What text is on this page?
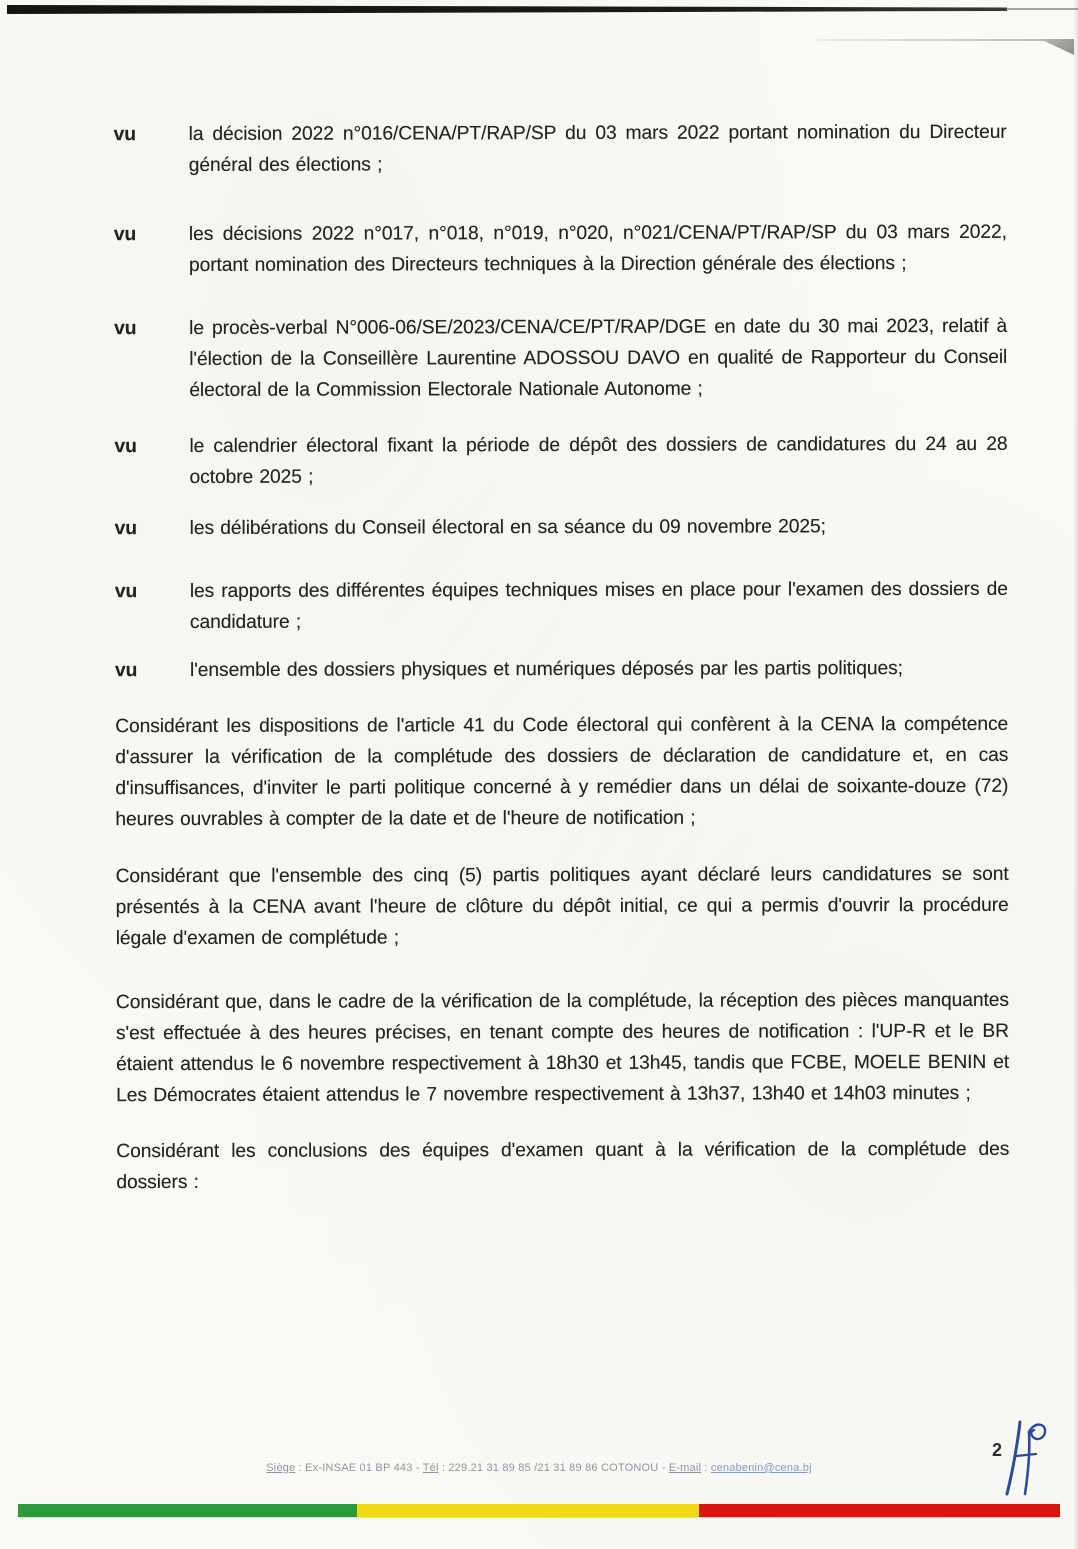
vu	la décision 2022 n°016/CENA/PT/RAP/SP du 03 mars 2022 portant nomination du Directeur général des élections ;

vu	les décisions 2022 n°017, n°018, n°019, n°020, n°021/CENA/PT/RAP/SP du 03 mars 2022, portant nomination des Directeurs techniques à la Direction générale des élections ;

vu	le procès-verbal N°006-06/SE/2023/CENA/CE/PT/RAP/DGE en date du 30 mai 2023, relatif à l'élection de la Conseillère Laurentine ADOSSOU DAVO en qualité de Rapporteur du Conseil électoral de la Commission Electorale Nationale Autonome ;

vu	le calendrier électoral fixant la période de dépôt des dossiers de candidatures du 24 au 28 octobre 2025 ;

vu	les délibérations du Conseil électoral en sa séance du 09 novembre 2025;

vu	les rapports des différentes équipes techniques mises en place pour l'examen des dossiers de candidature ;

vu	l'ensemble des dossiers physiques et numériques déposés par les partis politiques;

Considérant les dispositions de l'article 41 du Code électoral qui confèrent à la CENA la compétence d'assurer la vérification de la complétude des dossiers de déclaration de candidature et, en cas d'insuffisances, d'inviter le parti politique concerné à y remédier dans un délai de soixante-douze (72) heures ouvrables à compter de la date et de l'heure de notification ;

Considérant que l'ensemble des cinq (5) partis politiques ayant déclaré leurs candidatures se sont présentés à la CENA avant l'heure de clôture du dépôt initial, ce qui a permis d'ouvrir la procédure légale d'examen de complétude ;

Considérant que, dans le cadre de la vérification de la complétude, la réception des pièces manquantes s'est effectuée à des heures précises, en tenant compte des heures de notification : l'UP-R et le BR étaient attendus le 6 novembre respectivement à 18h30 et 13h45, tandis que FCBE, MOELE BENIN et Les Démocrates étaient attendus le 7 novembre respectivement à 13h37, 13h40 et 14h03 minutes ;

Considérant les conclusions des équipes d'examen quant à la vérification de la complétude des dossiers :

Siège : Ex-INSAE 01 BP 443 - Tél : 229.21 31 89 85 /21 31 89 86 COTONOU - E-mail : cenabenin@cena.bj
2
